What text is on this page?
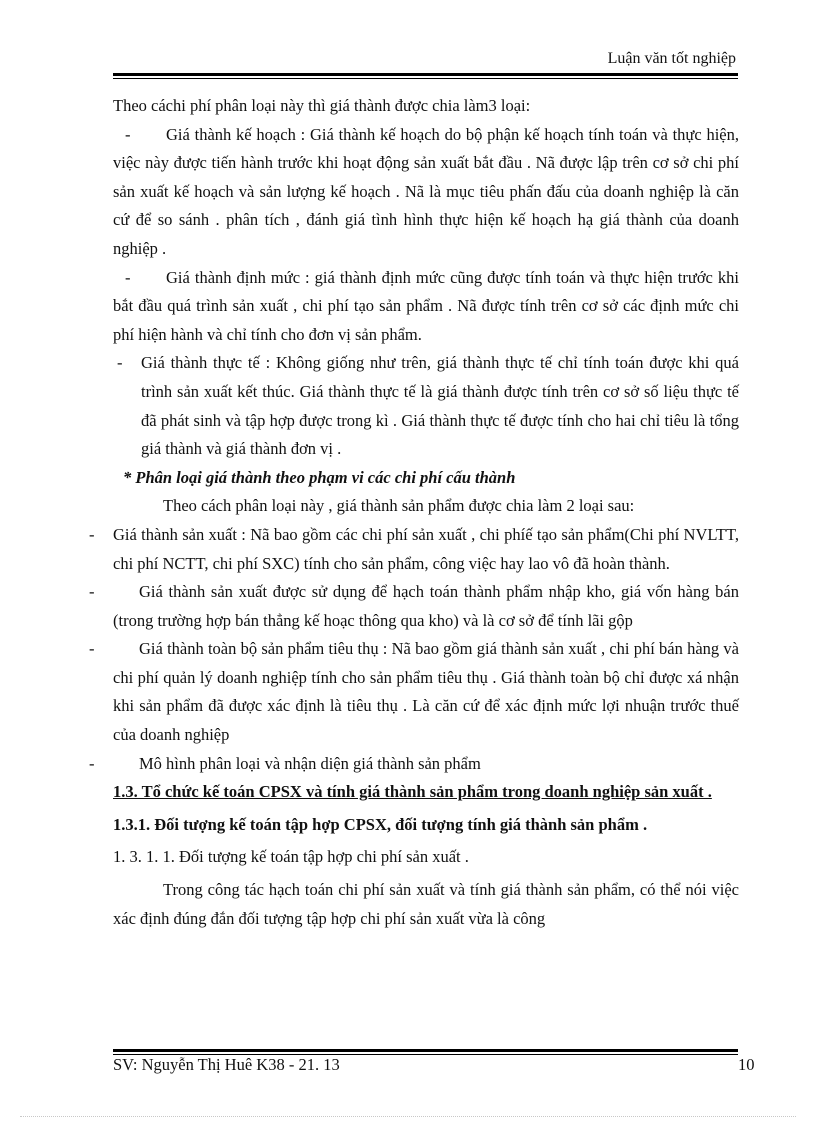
Luận văn tốt nghiệp

Theo cáchi phí phân loại này thì giá thành được chia làm3 loại:

-	Giá thành kế hoạch : Giá thành kế hoạch do bộ phận kế hoạch tính toán và thực hiện, việc này được tiến hành trước khi hoạt động sản xuất bắt đầu . Nã được lập trên cơ sở chi phí sản xuất kế hoạch và sản lượng kế hoạch . Nã là mục tiêu phấn đấu của doanh nghiệp là căn cứ để so sánh . phân tích , đánh giá tình hình thực hiện kế hoạch hạ giá thành của doanh nghiệp .

-	Giá thành định mức : giá thành định mức cũng được tính toán và thực hiện trước khi bắt đầu quá trình sản xuất , chi phí tạo sản phẩm . Nã được tính trên cơ sở các định mức chi phí hiện hành và chỉ tính cho đơn vị sản phẩm.

-	Giá thành thực tế : Không giống như trên, giá thành thực tế chỉ tính toán được khi quá trình sản xuất kết thúc. Giá thành thực tế là giá thành được tính trên cơ sở số liệu thực tế đã phát sinh và tập hợp được trong kì . Giá thành thực tế được tính cho hai chỉ tiêu là tổng giá thành và giá thành đơn vị .

* Phân loại giá thành theo phạm vi các chi phí cấu thành

Theo cách phân loại này , giá thành sản phẩm được chia làm 2 loại sau:

- Giá thành sản xuất : Nã bao gồm các chi phí sản xuất , chi phíế tạo sản phẩm(Chi phí NVLTT, chi phí NCTT, chi phí SXC) tính cho sản phẩm, công việc hay lao vô đã hoàn thành.

-	Giá thành sản xuất được sử dụng để hạch toán thành phẩm nhập kho, giá vốn hàng bán (trong trường hợp bán thẳng kế hoạc thông qua kho) và là cơ sở để tính lãi gộp

-	Giá thành toàn bộ sản phẩm tiêu thụ : Nã bao gồm giá thành sản xuất , chi phí bán hàng và chi phí quản lý doanh nghiệp tính cho sản phẩm tiêu thụ . Giá thành toàn bộ chỉ được xá nhận khi sản phẩm đã được xác định là tiêu thụ . Là căn cứ để xác định mức lợi nhuận trước thuế của doanh nghiệp

-	Mô hình phân loại và nhận diện giá thành sản phẩm

1.3. Tổ chức kế toán CPSX và tính giá thành sản phẩm trong doanh nghiệp sản xuất .

1.3.1. Đối tượng kế toán tập hợp CPSX, đối tượng tính giá thành sản phẩm .

1. 3. 1. 1. Đối tượng kế toán tập hợp chi phí sản xuất .

Trong công tác hạch toán chi phí sản xuất và tính giá thành sản phẩm, có thể nói việc xác định đúng đắn đối tượng tập hợp chi phí sản xuất vừa là công

SV: Nguyễn Thị Huê K38 - 21. 13	10
